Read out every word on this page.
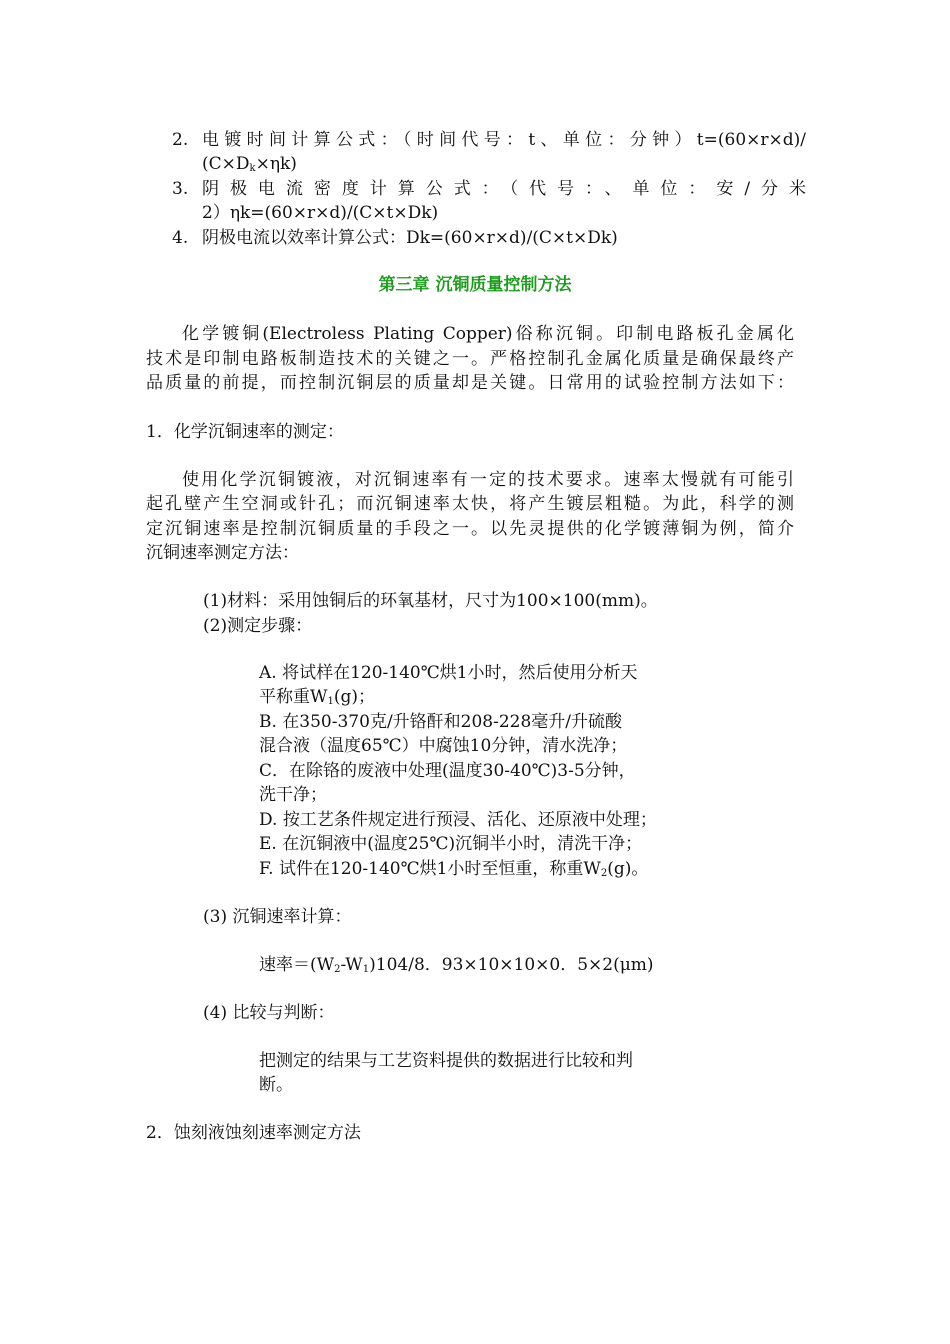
2. 电镀时间计算公式：（时间代号：t、单位：分钟）t=(60×r×d)/
$(C\times D_k\times\eta k)$
3. 阴极电流密度计算公式：（代号：、单位：安/分米
2）ηk=(60×r×d)/(C×t×Dk)
4. 阴极电流以效率计算公式：Dk=(60×r×d)/(C×t×Dk)
第三章 沉铜质量控制方法
化学镀铜(Electroless Plating Copper)俗称沉铜。印制电路板孔金属化
技术是印制电路板制造技术的关键之一。严格控制孔金属化质量是确保最终产
品质量的前提，而控制沉铜层的质量却是关键。日常用的试验控制方法如下：
1．化学沉铜速率的测定：
使用化学沉铜镀液，对沉铜速率有一定的技术要求。速率太慢就有可能引
起孔壁产生空洞或针孔；而沉铜速率太快，将产生镀层粗糙。为此，科学的测
定沉铜速率是控制沉铜质量的手段之一。以先灵提供的化学镀薄铜为例，简介
沉铜速率测定方法：
(1)材料：采用蚀铜后的环氧基材，尺寸为100×100(mm)。
(2)测定步骤：
A. 将试样在120-140℃烘1小时，然后使用分析天
平称重$W_1(g)$；
B. 在350-370克/升铬酐和208-228毫升/升硫酸
混合液（温度65℃）中腐蚀10分钟，清水洗净；
C．在除铬的废液中处理(温度30-40℃)3-5分钟，
洗干净；
D. 按工艺条件规定进行预浸、活化、还原液中处理；
E. 在沉铜液中(温度25℃)沉铜半小时，清洗干净；
F. 试件在120-140℃烘1小时至恒重，称重$W_2(g)$。
(3) 沉铜速率计算：
速率$=(W_2-W_1)104/8$．93×10×10×0．5×2(μm)
(4) 比较与判断：
把测定的结果与工艺资料提供的数据进行比较和判
断。
2．蚀刻液蚀刻速率测定方法
